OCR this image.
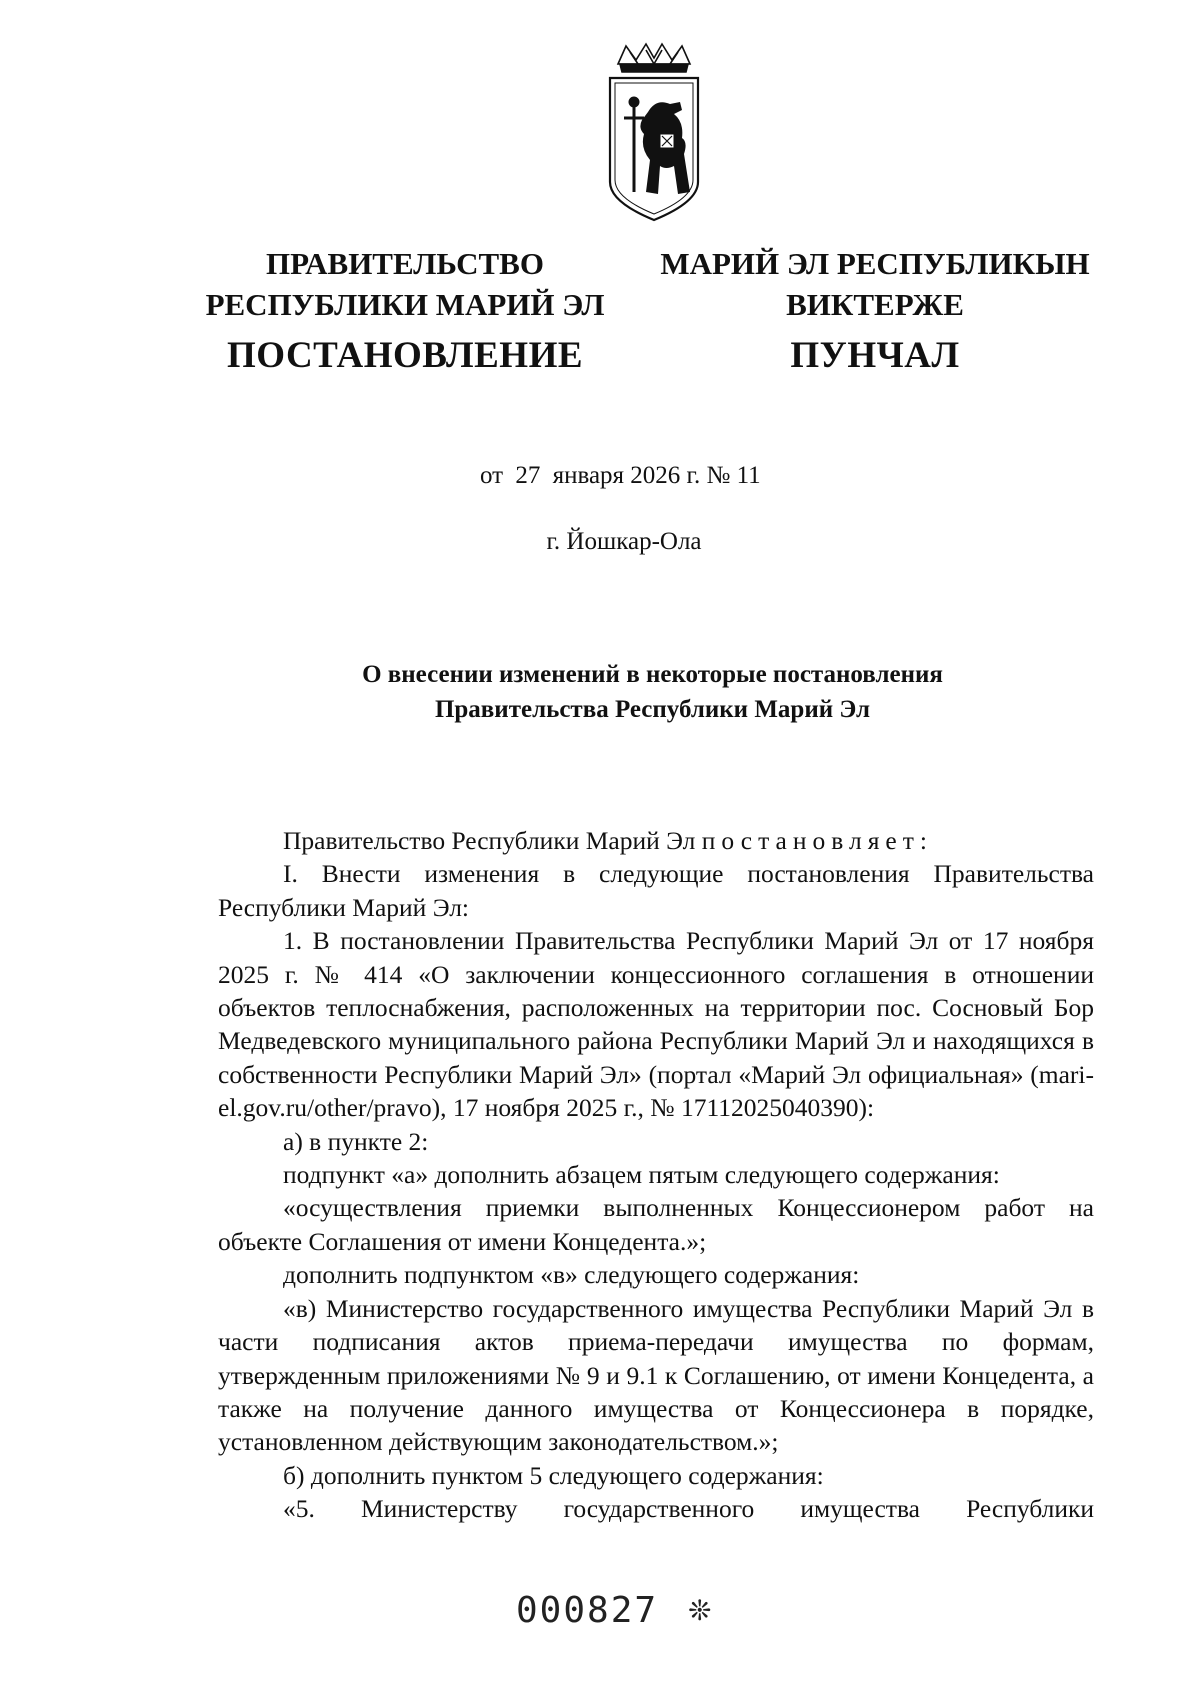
ПРАВИТЕЛЬСТВО
РЕСПУБЛИКИ МАРИЙ ЭЛ
МАРИЙ ЭЛ РЕСПУБЛИКЫН
ВИКТЕРЖЕ
ПОСТАНОВЛЕНИЕ	ПУНЧАЛ
от 27 января 2026 г. № 11
г. Йошкар-Ола
О внесении изменений в некоторые постановления
Правительства Республики Марий Эл

Правительство Республики Марий Эл постановляет:

I. Внести изменения в следующие постановления Правительства Республики Марий Эл:

1. В постановлении Правительства Республики Марий Эл от 17 ноября 2025 г. № 414 «О заключении концессионного соглашения в отношении объектов теплоснабжения, расположенных на территории пос. Сосновый Бор Медведевского муниципального района Республики Марий Эл и находящихся в собственности Республики Марий Эл» (портал «Марий Эл официальная» (mari-el.gov.ru/other/pravo), 17 ноября 2025 г., № 17112025040390):

а) в пункте 2:

подпункт «а» дополнить абзацем пятым следующего содержания:

«осуществления приемки выполненных Концессионером работ на объекте Соглашения от имени Концедента.»;

дополнить подпунктом «в» следующего содержания:

«в) Министерство государственного имущества Республики Марий Эл в части подписания актов приема-передачи имущества по формам, утвержденным приложениями № 9 и 9.1 к Соглашению, от имени Концедента, а также на получение данного имущества от Концессионера в порядке, установленном действующим законодательством.»;

б) дополнить пунктом 5 следующего содержания:

«5. Министерству государственного имущества Республики

000827 ❊
